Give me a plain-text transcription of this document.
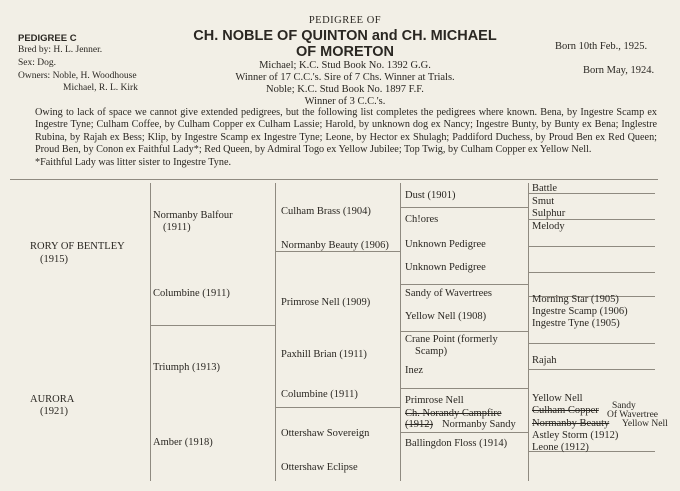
PEDIGREE C
Bred by: H. L. Jenner.
Sex: Dog.
Owners: Noble, H. Woodhouse
Michael, R. L. Kirk
PEDIGREE OF
CH. NOBLE OF QUINTON and CH. MICHAEL
OF MORETON
Michael; K.C. Stud Book No. 1392 G.G.
Winner of 17 C.C.'s. Sire of 7 Chs. Winner at Trials.
Noble; K.C. Stud Book No. 1897 F.F.
Winner of 3 C.C.'s.
Born 10th Feb., 1925.
Born May, 1924.

Owing to lack of space we cannot give extended pedigrees, but the following list completes the pedigrees where known. Bena, by Ingestre Scamp ex Ingestre Tyne; Culham Coffee, by Culham Copper ex Culham Lassie; Harold, by unknown dog ex Nancy; Ingestre Bunty, by Bunty ex Bena; Inglestre Rubina, by Rajah ex Bess; Klip, by Ingestre Scamp ex Ingestre Tyne; Leone, by Hector ex Shulagh; Paddiford Duchess, by Proud Ben ex Red Queen; Proud Ben, by Conon ex Faithful Lady*; Red Queen, by Admiral Togo ex Yellow Jubilee; Top Twig, by Culham Copper ex Yellow Nell.

*Faithful Lady was litter sister to Ingestre Tyne.

RORY OF BENTLEY
(1915)
AURORA
(1921)
Normanby Balfour
(1911)
Columbine (1911)
Triumph (1913)
Amber (1918)
Culham Brass (1904)
Normanby Beauty (1906)
Primrose Nell (1909)
Paxhill Brian (1911)
Columbine (1911)
Ottershaw Sovereign
Ottershaw Eclipse
Dust (1901)
Ch!ores
Unknown Pedigree
Unknown Pedigree
Sandy of Wavertrees
Yellow Nell (1908)
Crane Point (formerly
Scamp)
Inez
Primrose Nell
Ch. Norandy Campfire
(1912) Normanby Sandy
Ballingdon Floss (1914)
Battle
Smut
Sulphur
Melody
Morning Star (1905)
Ingestre Scamp (1906)
Ingestre Tyne (1905)
Rajah
Yellow Nell
Culham Copper Sandy
Of Wavertree
Normanby Beauty Yellow Nell
Astley Storm (1912)
Leone (1912)
